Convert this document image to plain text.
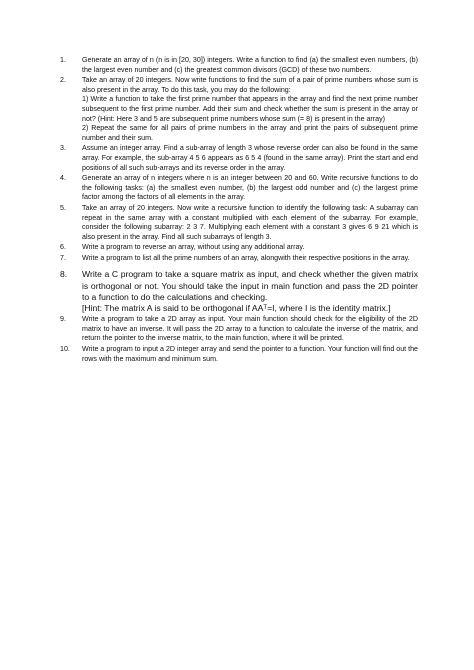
1.	Generate an array of n (n is in [20, 30]) integers. Write a function to find (a) the smallest even numbers, (b) the largest even number and (c) the greatest common divisors (GCD) of these two numbers.

2.	Take an array of 20 integers. Now write functions to find the sum of a pair of prime numbers whose sum is also present in the array. To do this task, you may do the following:

1) Write a function to take the first prime number that appears in the array and find the next prime number subsequent to the first prime number. Add their sum and check whether the sum is present in the array or not? (Hint: Here 3 and 5 are subsequent prime numbers whose sum (= 8) is present in the array)

2) Repeat the same for all pairs of prime numbers in the array and print the pairs of subsequent prime number and their sum.

3.	Assume an integer array. Find a sub-array of length 3 whose reverse order can also be found in the same array. For example, the sub-array 4 5 6 appears as 6 5 4 (found in the same array). Print the start and end positions of all such sub-arrays and its reverse order in the array.

4.	Generate an array of n integers where n is an integer between 20 and 60. Write recursive functions to do the following tasks: (a) the smallest even number, (b) the largest odd number and (c) the largest prime factor among the factors of all elements in the array.

5.	Take an array of 20 integers. Now write a recursive function to identify the following task: A subarray can repeat in the same array with a constant multiplied with each element of the subarray. For example, consider the following subarray: 2 3 7. Multiplying each element with a constant 3 gives 6 9 21 which is also present in the array. Find all such subarrays of length 3.

6.	Write a program to reverse an array, without using any additional array.

7.	Write a program to list all the prime numbers of an array, alongwith their respective positions in the array.

8.	Write a C program to take a square matrix as input, and check whether the given matrix is orthogonal or not. You should take the input in main function and pass the 2D pointer to a function to do the calculations and checking.

[Hint: The matrix A is said to be orthogonal if AAᵀ=I, where I is the identity matrix.]

9.	Write a program to take a 2D array as input. Your main function should check for the eligibility of the 2D matrix to have an inverse. It will pass the 2D array to a function to calculate the inverse of the matrix, and return the pointer to the inverse matrix, to the main function, where it will be printed.

10.	Write a program to input a 2D integer array and send the pointer to a function. Your function will find out the rows with the maximum and minimum sum.
